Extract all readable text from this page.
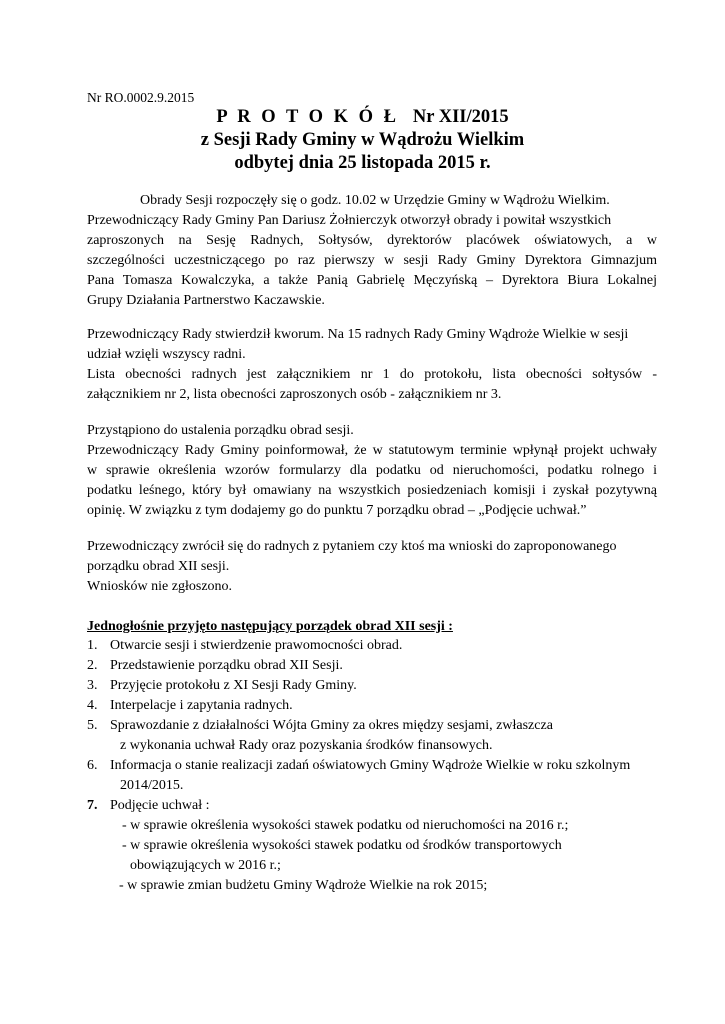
Nr RO.0002.9.2015
P R O T O K Ó Ł Nr XII/2015
z Sesji Rady Gminy w Wądrożu Wielkim
odbytej dnia 25 listopada 2015 r.
Obrady Sesji rozpoczęły się o godz. 10.02 w Urzędzie Gminy w Wądrożu Wielkim.
Przewodniczący Rady Gminy Pan Dariusz Żołnierczyk otworzył obrady i powitał wszystkich
zaproszonych na Sesję Radnych, Sołtysów, dyrektorów placówek oświatowych, a w
szczególności uczestniczącego po raz pierwszy w sesji Rady Gminy Dyrektora Gimnazjum
Pana Tomasza Kowalczyka, a także Panią Gabrielę Męczyńską – Dyrektora Biura Lokalnej
Grupy Działania Partnerstwo Kaczawskie.
Przewodniczący Rady stwierdził kworum. Na 15 radnych Rady Gminy Wądroże Wielkie w sesji
udział wzięli wszyscy radni.
Lista obecności radnych jest załącznikiem nr 1 do protokołu, lista obecności sołtysów -
załącznikiem nr 2, lista obecności zaproszonych osób - załącznikiem nr 3.
Przystąpiono do ustalenia porządku obrad sesji.
Przewodniczący Rady Gminy poinformował, że w statutowym terminie wpłynął projekt uchwały
w sprawie określenia wzorów formularzy dla podatku od nieruchomości, podatku rolnego i
podatku leśnego, który był omawiany na wszystkich posiedzeniach komisji i zyskał pozytywną
opinię. W związku z tym dodajemy go do punktu 7 porządku obrad – „Podjęcie uchwał.”
Przewodniczący zwrócił się do radnych z pytaniem czy ktoś ma wnioski do zaproponowanego
porządku obrad XII sesji.
Wniosków nie zgłoszono.
Jednogłośnie przyjęto następujący porządek obrad XII sesji :
1. Otwarcie sesji i stwierdzenie prawomocności obrad.
2. Przedstawienie porządku obrad XII Sesji.
3. Przyjęcie protokołu z XI Sesji Rady Gminy.
4. Interpelacje i zapytania radnych.
5. Sprawozdanie z działalności Wójta Gminy za okres między sesjami, zwłaszcza
z wykonania uchwał Rady oraz pozyskania środków finansowych.
6. Informacja o stanie realizacji zadań oświatowych Gminy Wądroże Wielkie w roku szkolnym
2014/2015.
7. Podjęcie uchwał :
- w sprawie określenia wysokości stawek podatku od nieruchomości na 2016 r.;
- w sprawie określenia wysokości stawek podatku od środków transportowych
obowiązujących w 2016 r.;
- w sprawie zmian budżetu Gminy Wądroże Wielkie na rok 2015;
